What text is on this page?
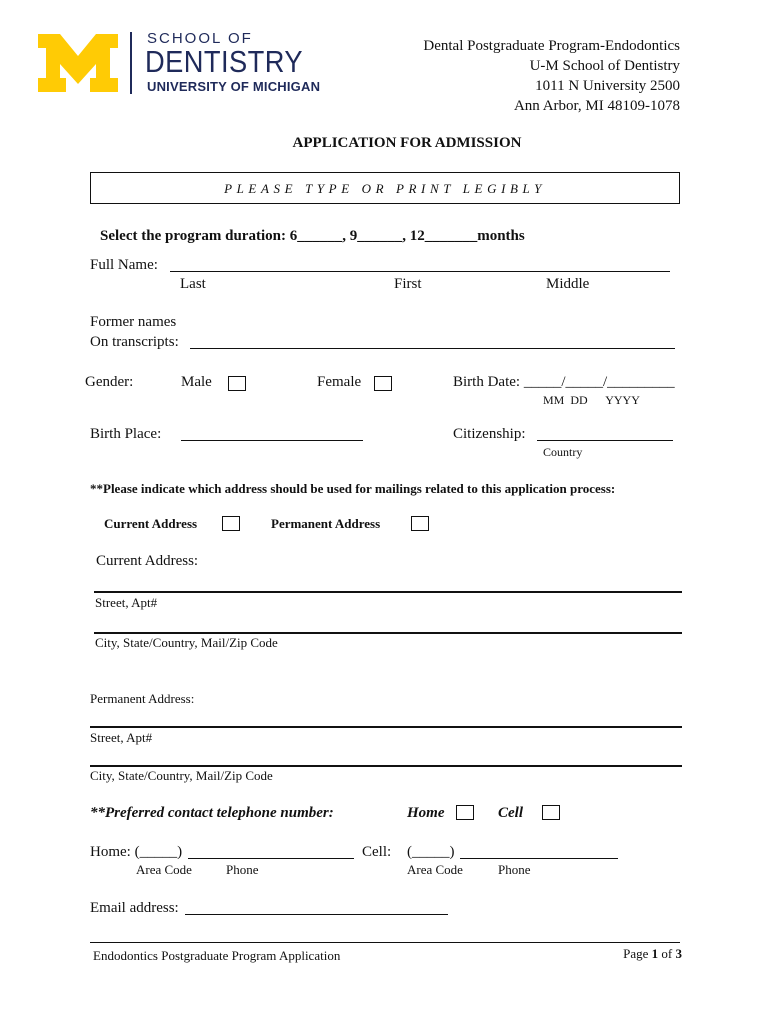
SCHOOL OF
DENTISTRY
UNIVERSITY OF MICHIGAN
Dental Postgraduate Program-Endodontics
U-M School of Dentistry
1011 N University 2500
Ann Arbor, MI 48109-1078
APPLICATION FOR ADMISSION
PLEASE TYPE OR PRINT LEGIBLY
Select the program duration: 6______, 9______, 12_______months
Full Name:
Last	First	Middle
Former names
On transcripts:
Gender:	Male	Female	Birth Date: _____/_____/_________
MM  DD      YYYY
Birth Place:	Citizenship:
Country
**Please indicate which address should be used for mailings related to this application process:
Current Address	Permanent Address
Current Address:
Street, Apt#
City, State/Country, Mail/Zip Code
Permanent Address:
Street, Apt#
City, State/Country, Mail/Zip Code
**Preferred contact telephone number:	Home	Cell
Home: (_____)	Cell: (_____)
Area Code	Phone	Area Code	Phone
Email address:
Endodontics Postgraduate Program Application	Page 1 of 3
